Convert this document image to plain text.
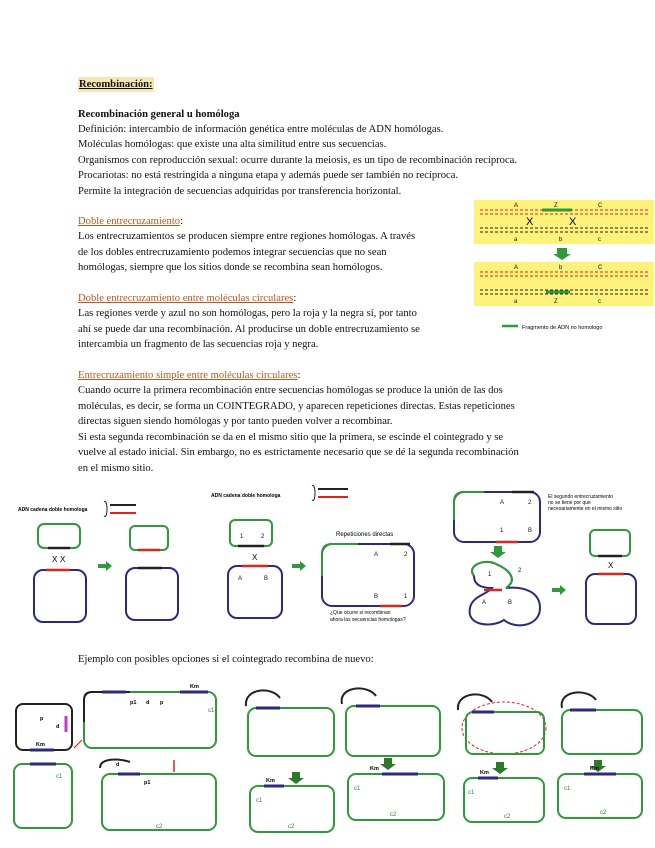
Recombinación:
Recombinación general u homóloga
Definición: intercambio de información genética entre moléculas de ADN homólogas.
Moléculas homólogas: que existe una alta similitud entre sus secuencias.
Organismos con reproducción sexual: ocurre durante la meiosis, es un tipo de recombinación recíproca.
Procariotas: no está restringida a ninguna etapa y además puede ser también no recíproca.
Permite la integración de secuencias adquiridas por transferencia horizontal.
Doble entrecruzamiento:
Los entrecruzamientos se producen siempre entre regiones homólogas. A través
de los dobles entrecruzamiento podemos integrar secuencias que no sean
homólogas, siempre que los sitios donde se recombina sean homólogos.
Doble entrecruzamiento entre moléculas circulares:
Las regiones verde y azul no son homólogas, pero la roja y la negra sí, por tanto
ahí se puede dar una recombinación. Al producirse un doble entrecruzamiento se
intercambia un fragmento de las secuencias roja y negra.
Entrecruzamiento simple entre moléculas circulares:
Cuando ocurre la primera recombinación entre secuencias homólogas se produce la unión de las dos
moléculas, es decir, se forma un COINTEGRADO, y aparecen repeticiones directas. Estas repeticiones
directas siguen siendo homólogas y por tanto pueden volver a recombinar.
Si esta segunda recombinación se da en el mismo sitio que la primera, se escinde el cointegrado y se
vuelve al estado inicial. Sin embargo, no es estrictamente necesario que se dé la segunda recombinación
en el mismo sitio.
Ejemplo con posibles opciones si el cointegrado recombina de nuevo:
A	Z	C
a	b	c
X	X
A	b	C
a	Z	c
Fragmento de ADN no homologo
ADN cadena doble homologa
X X
ADN cadena doble homologa
1	2
X
A	B
Repeticiones directas
A	2
B	1
¿Que ocurre si recombinan
ahora las secuencias homologas?
A	2
1	B
El segundo entrecruzamiento
no se tiene por que
necesariamente en el mismo sitio
1
2
A	B
X
p
Km
d
c1
p1	p
d
Km
c1
d
c2
p1	Km
c1
c2
Km
c1
c2
Km
c1
c2
Km
c1
c2
